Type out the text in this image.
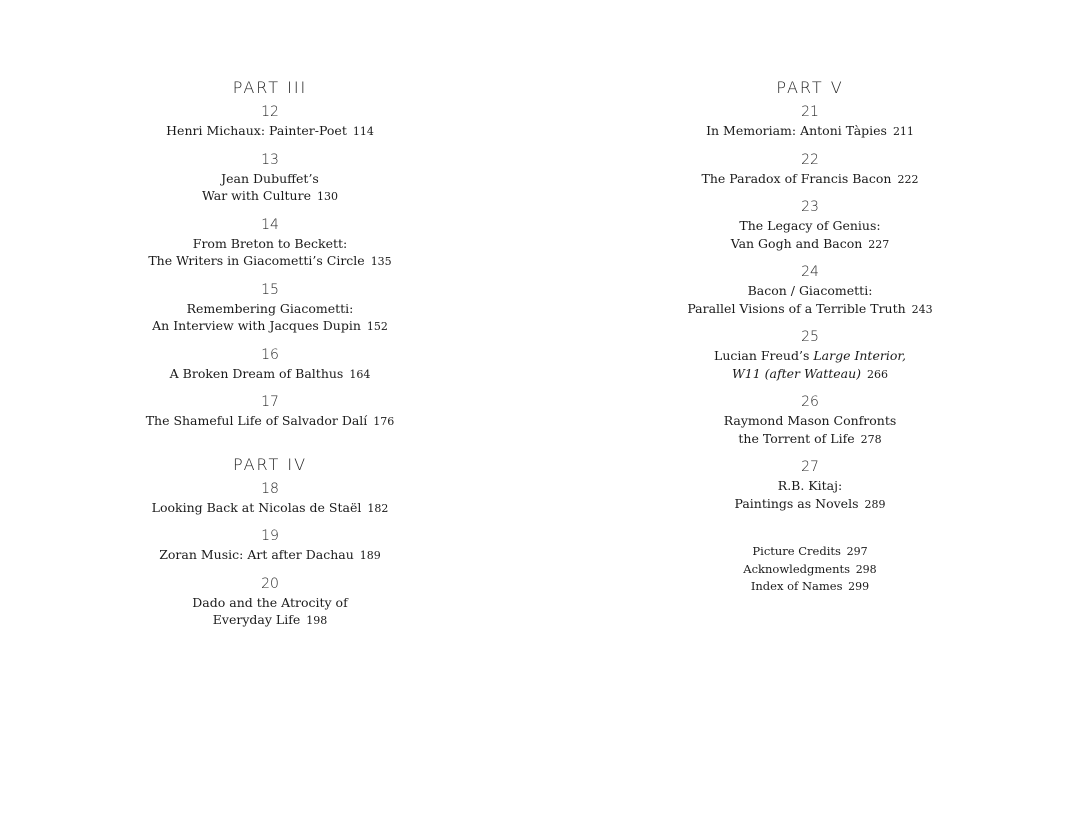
PART III
12
Henri Michaux: Painter-Poet 114
13
Jean Dubuffet’s
War with Culture 130
14
From Breton to Beckett:
The Writers in Giacometti’s Circle 135
15
Remembering Giacometti:
An Interview with Jacques Dupin 152
16
A Broken Dream of Balthus 164
17
The Shameful Life of Salvador Dalí 176
PART IV
18
Looking Back at Nicolas de Staël 182
19
Zoran Music: Art after Dachau 189
20
Dado and the Atrocity of
Everyday Life 198
PART V
21
In Memoriam: Antoni Tàpies 211
22
The Paradox of Francis Bacon 222
23
The Legacy of Genius:
Van Gogh and Bacon 227
24
Bacon / Giacometti:
Parallel Visions of a Terrible Truth 243
25
Lucian Freud’s Large Interior,
W11 (after Watteau) 266
26
Raymond Mason Confronts
the Torrent of Life 278
27
R.B. Kitaj:
Paintings as Novels 289
Picture Credits 297
Acknowledgments 298
Index of Names 299
